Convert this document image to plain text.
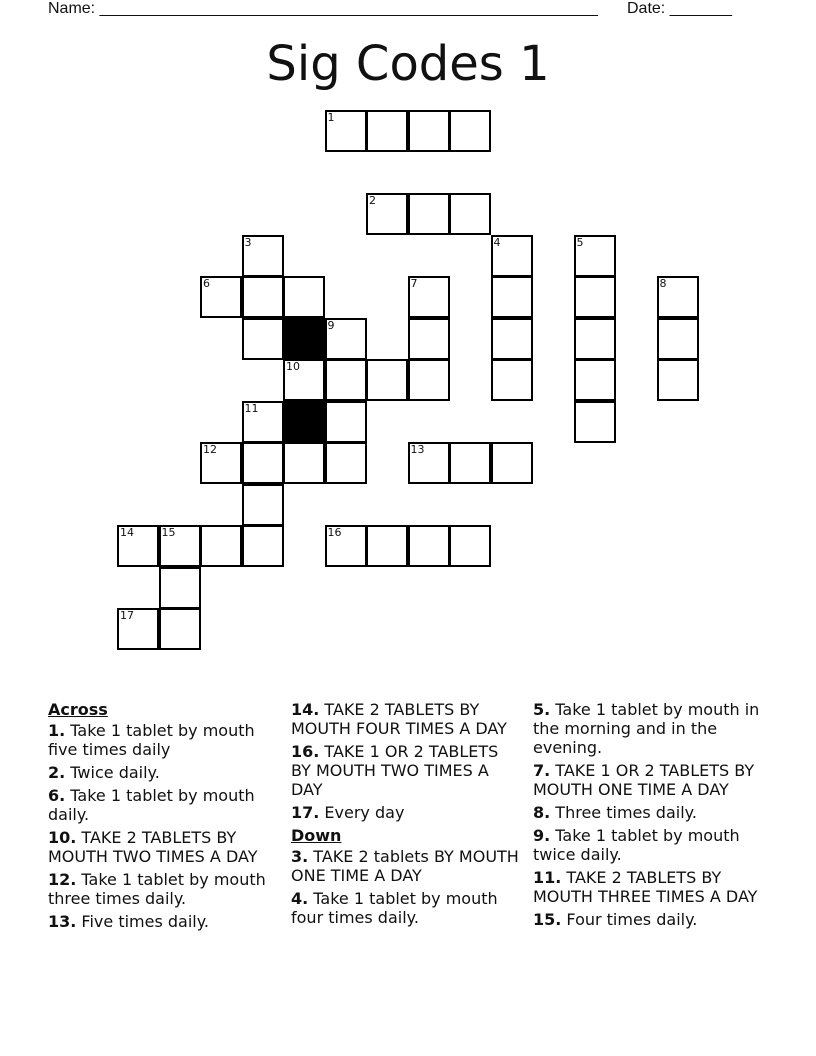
Name: ________________________________________________________ Date: _______
Sig Codes 1
1
2
3	4	5
6	7	8
9
10
11
12	13
14	15	16
17
Across
1. Take 1 tablet by mouth five times daily
2. Twice daily.
6. Take 1 tablet by mouth daily.
10. TAKE 2 TABLETS BY MOUTH TWO TIMES A DAY
12. Take 1 tablet by mouth three times daily.
13. Five times daily.
14. TAKE 2 TABLETS BY MOUTH FOUR TIMES A DAY
16. TAKE 1 OR 2 TABLETS BY MOUTH TWO TIMES A DAY
17. Every day
Down
3. TAKE 2 tablets BY MOUTH ONE TIME A DAY
4. Take 1 tablet by mouth four times daily.
5. Take 1 tablet by mouth in the morning and in the evening.
7. TAKE 1 OR 2 TABLETS BY MOUTH ONE TIME A DAY
8. Three times daily.
9. Take 1 tablet by mouth twice daily.
11. TAKE 2 TABLETS BY MOUTH THREE TIMES A DAY
15. Four times daily.
